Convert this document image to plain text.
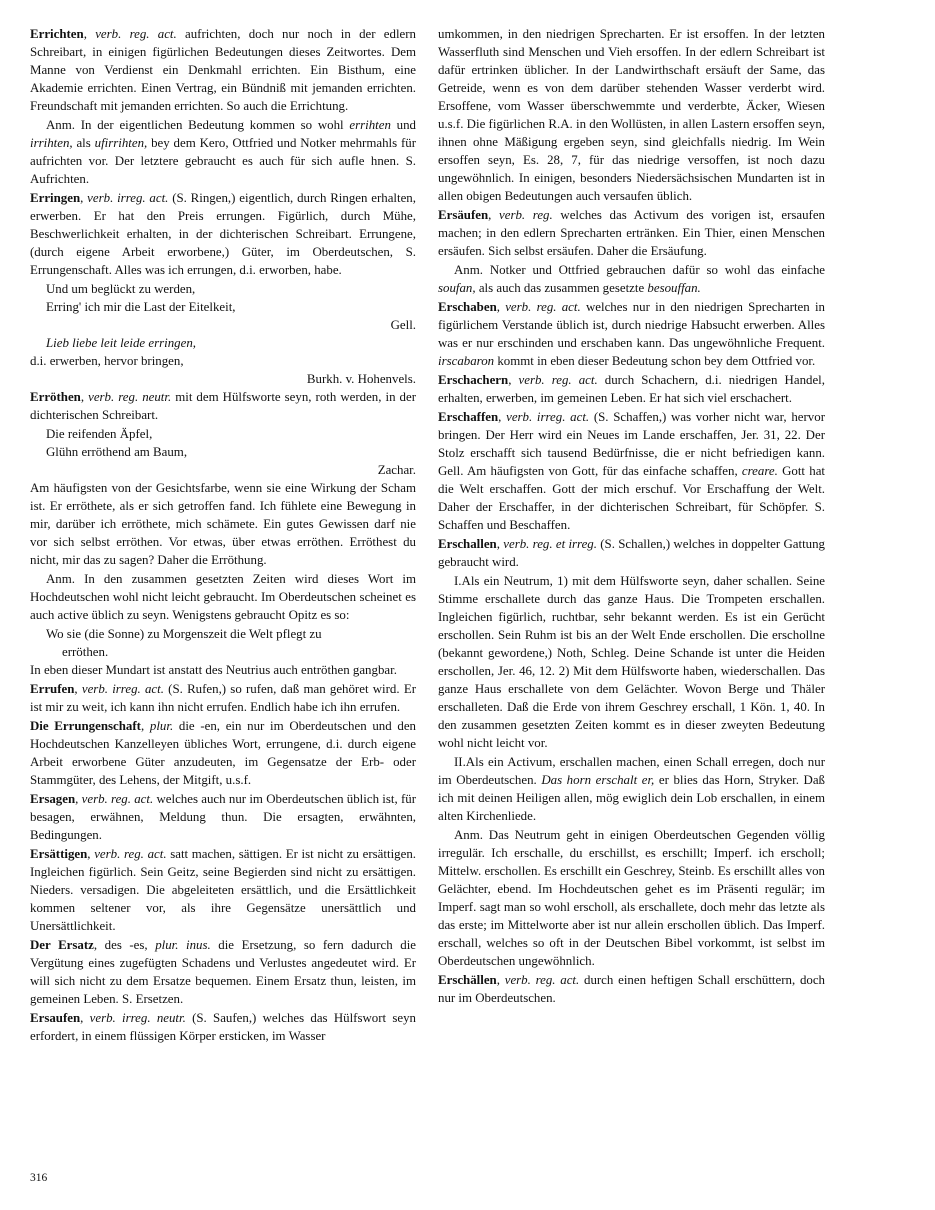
Errichten, verb. reg. act. aufrichten, doch nur noch in der edlern Schreibart, in einigen figürlichen Bedeutungen dieses Zeitwortes. Dem Manne von Verdienst ein Denkmahl errichten. Ein Bisthum, eine Akademie errichten. Einen Vertrag, ein Bündniß mit jemanden errichten. Freundschaft mit jemanden errichten. So auch die Errichtung.

Anm. In der eigentlichen Bedeutung kommen so wohl errihten und irrihten, als ufirrihten, bey dem Kero, Ottfried und Notker mehrmahls für aufrichten vor. Der letztere gebraucht es auch für sich aufle hnen. S. Aufrichten.

Erringen, verb. irreg. act. (S. Ringen,) eigentlich, durch Ringen erhalten, erwerben. Er hat den Preis errungen. Figürlich, durch Mühe, Beschwerlichkeit erhalten, in der dichterischen Schreibart. Errungene, (durch eigene Arbeit erworbene,) Güter, im Oberdeutschen, S. Errungenschaft. Alles was ich errungen, d.i. erworben, habe.

Und um beglückt zu werden,

Erring' ich mir die Last der Eitelkeit,

Gell.

Lieb liebe leit leide erringen,

d.i. erwerben, hervor bringen,

Burkh. v. Hohenvels.

Erröthen, verb. reg. neutr. mit dem Hülfsworte seyn, roth werden, in der dichterischen Schreibart.

Die reifenden Äpfel,

Glühn erröthend am Baum,

Zachar.

Am häufigsten von der Gesichtsfarbe, wenn sie eine Wirkung der Scham ist. Er erröthete, als er sich getroffen fand. Ich fühlete eine Bewegung in mir, darüber ich erröthete, mich schämete. Ein gutes Gewissen darf nie vor sich selbst erröthen. Vor etwas, über etwas erröthen. Erröthest du nicht, mir das zu sagen? Daher die Erröthung.

Anm. In den zusammen gesetzten Zeiten wird dieses Wort im Hochdeutschen wohl nicht leicht gebraucht. Im Oberdeutschen scheinet es auch active üblich zu seyn. Wenigstens gebraucht Opitz es so:

Wo sie (die Sonne) zu Morgenszeit die Welt pflegt zu

erröthen.

In eben dieser Mundart ist anstatt des Neutrius auch entröthen gangbar.

Errufen, verb. irreg. act. (S. Rufen,) so rufen, daß man gehöret wird. Er ist mir zu weit, ich kann ihn nicht errufen. Endlich habe ich ihn errufen.

Die Errungenschaft, plur. die -en, ein nur im Oberdeutschen und den Hochdeutschen Kanzelleyen übliches Wort, errungene, d.i. durch eigene Arbeit erworbene Güter anzudeuten, im Gegensatze der Erb- oder Stammgüter, des Lehens, der Mitgift, u.s.f.

Ersagen, verb. reg. act. welches auch nur im Oberdeutschen üblich ist, für besagen, erwähnen, Meldung thun. Die ersagten, erwähnten, Bedingungen.

Ersättigen, verb. reg. act. satt machen, sättigen. Er ist nicht zu ersättigen. Ingleichen figürlich. Sein Geitz, seine Begierden sind nicht zu ersättigen. Nieders. versadigen. Die abgeleiteten ersättlich, und die Ersättlichkeit kommen seltener vor, als ihre Gegensätze unersättlich und Unersättlichkeit.

Der Ersatz, des -es, plur. inus. die Ersetzung, so fern dadurch die Vergütung eines zugefügten Schadens und Verlustes angedeutet wird. Er will sich nicht zu dem Ersatze bequemen. Einem Ersatz thun, leisten, im gemeinen Leben. S. Ersetzen.

Ersaufen, verb. irreg. neutr. (S. Saufen,) welches das Hülfswort seyn erfordert, in einem flüssigen Körper ersticken, im Wasser

umkommen, in den niedrigen Sprecharten. Er ist ersoffen. In der letzten Wasserfluth sind Menschen und Vieh ersoffen. In der edlern Schreibart ist dafür ertrinken üblicher. In der Landwirthschaft ersäuft der Same, das Getreide, wenn es von dem darüber stehenden Wasser verderbt wird. Ersoffene, vom Wasser überschwemmte und verderbte, Äcker, Wiesen u.s.f. Die figürlichen R.A. in den Wollüsten, in allen Lastern ersoffen seyn, ihnen ohne Mäßigung ergeben seyn, sind gleichfalls niedrig. Im Wein ersoffen seyn, Es. 28, 7, für das niedrige versoffen, ist noch dazu ungewöhnlich. In einigen, besonders Niedersächsischen Mundarten ist in allen obigen Bedeutungen auch versaufen üblich.

Ersäufen, verb. reg. welches das Activum des vorigen ist, ersaufen machen; in den edlern Sprecharten ertränken. Ein Thier, einen Menschen ersäufen. Sich selbst ersäufen. Daher die Ersäufung.

Anm. Notker und Ottfried gebrauchen dafür so wohl das einfache soufan, als auch das zusammen gesetzte besouffan.

Erschaben, verb. reg. act. welches nur in den niedrigen Sprecharten in figürlichem Verstande üblich ist, durch niedrige Habsucht erwerben. Alles was er nur erschinden und erschaben kann. Das ungewöhnliche Frequent. irscabaron kommt in eben dieser Bedeutung schon bey dem Ottfried vor.

Erschachern, verb. reg. act. durch Schachern, d.i. niedrigen Handel, erhalten, erwerben, im gemeinen Leben. Er hat sich viel erschachert.

Erschaffen, verb. irreg. act. (S. Schaffen,) was vorher nicht war, hervor bringen. Der Herr wird ein Neues im Lande erschaffen, Jer. 31, 22. Der Stolz erschafft sich tausend Bedürfnisse, die er nicht befriedigen kann. Gell. Am häufigsten von Gott, für das einfache schaffen, creare. Gott hat die Welt erschaffen. Gott der mich erschuf. Vor Erschaffung der Welt. Daher der Erschaffer, in der dichterischen Schreibart, für Schöpfer. S. Schaffen und Beschaffen.

Erschallen, verb. reg. et irreg. (S. Schallen,) welches in doppelter Gattung gebraucht wird.

I.Als ein Neutrum, 1) mit dem Hülfsworte seyn, daher schallen. Seine Stimme erschallete durch das ganze Haus. Die Trompeten erschallen. Ingleichen figürlich, ruchtbar, sehr bekannt werden. Es ist ein Gerücht erschollen. Sein Ruhm ist bis an der Welt Ende erschollen. Die erschollne (bekannt gewordene,) Noth, Schleg. Deine Schande ist unter die Heiden erschollen, Jer. 46, 12. 2) Mit dem Hülfsworte haben, wiederschallen. Das ganze Haus erschallete von dem Gelächter. Wovon Berge und Thäler erschalleten. Daß die Erde von ihrem Geschrey erschall, 1 Kön. 1, 40. In den zusammen gesetzten Zeiten kommt es in dieser zweyten Bedeutung wohl nicht leicht vor.

II.Als ein Activum, erschallen machen, einen Schall erregen, doch nur im Oberdeutschen. Das horn erschalt er, er blies das Horn, Stryker. Daß ich mit deinen Heiligen allen, mög ewiglich dein Lob erschallen, in einem alten Kirchenliede.

Anm. Das Neutrum geht in einigen Oberdeutschen Gegenden völlig irregulär. Ich erschalle, du erschillst, es erschillt; Imperf. ich erscholl; Mittelw. erschollen. Es erschillt ein Geschrey, Steinb. Es erschillt alles von Gelächter, ebend. Im Hochdeutschen gehet es im Präsenti regulär; im Imperf. sagt man so wohl erscholl, als erschallete, doch mehr das letzte als das erste; im Mittelworte aber ist nur allein erschollen üblich. Das Imperf. erschall, welches so oft in der Deutschen Bibel vorkommt, ist selbst im Oberdeutschen ungewöhnlich.

Erschällen, verb. reg. act. durch einen heftigen Schall erschüttern, doch nur im Oberdeutschen.

316
